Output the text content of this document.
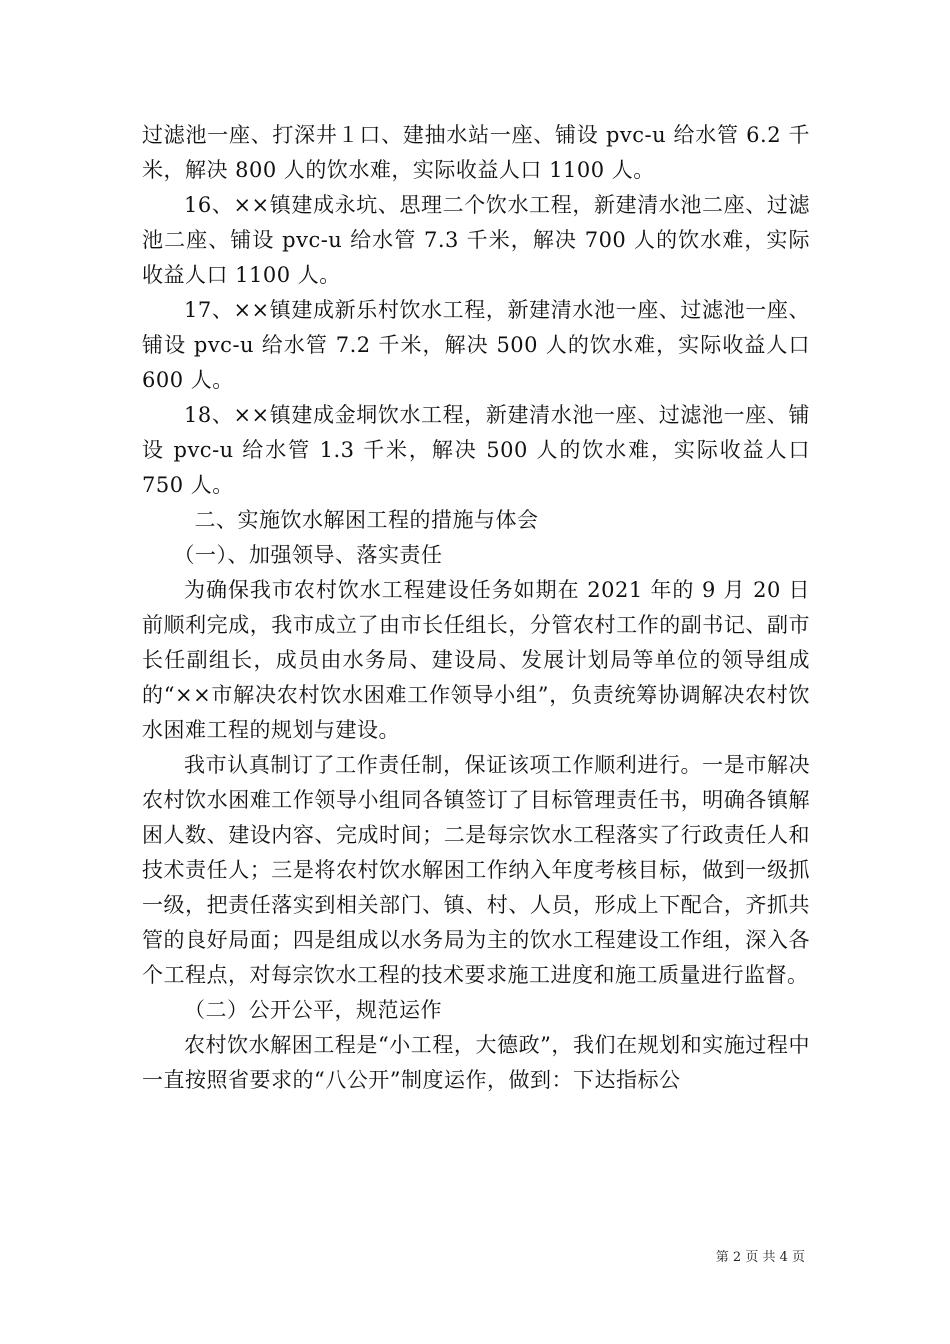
过滤池一座、打深井１口、建抽水站一座、铺设 pvc-u 给水管 6.2 千米，解决 800 人的饮水难，实际收益人口 1100 人。

16、××镇建成永坑、思理二个饮水工程，新建清水池二座、过滤池二座、铺设 pvc-u 给水管 7.3 千米，解决 700 人的饮水难，实际收益人口 1100 人。

17、××镇建成新乐村饮水工程，新建清水池一座、过滤池一座、铺设 pvc-u 给水管 7.2 千米，解决 500 人的饮水难，实际收益人口 600 人。

18、××镇建成金垌饮水工程，新建清水池一座、过滤池一座、铺设 pvc-u 给水管 1.3 千米，解决 500 人的饮水难，实际收益人口 750 人。

二、实施饮水解困工程的措施与体会

（一）、加强领导、落实责任

为确保我市农村饮水工程建设任务如期在 2021 年的 9 月 20 日前顺利完成，我市成立了由市长任组长，分管农村工作的副书记、副市长任副组长，成员由水务局、建设局、发展计划局等单位的领导组成的“××市解决农村饮水困难工作领导小组”，负责统筹协调解决农村饮水困难工程的规划与建设。

我市认真制订了工作责任制，保证该项工作顺利进行。一是市解决农村饮水困难工作领导小组同各镇签订了目标管理责任书，明确各镇解困人数、建设内容、完成时间；二是每宗饮水工程落实了行政责任人和技术责任人；三是将农村饮水解困工作纳入年度考核目标，做到一级抓一级，把责任落实到相关部门、镇、村、人员，形成上下配合，齐抓共管的良好局面；四是组成以水务局为主的饮水工程建设工作组，深入各个工程点，对每宗饮水工程的技术要求施工进度和施工质量进行监督。

（二）公开公平，规范运作

农村饮水解困工程是“小工程，大德政”，我们在规划和实施过程中一直按照省要求的“八公开”制度运作，做到：下达指标公

第 2 页 共 4 页
